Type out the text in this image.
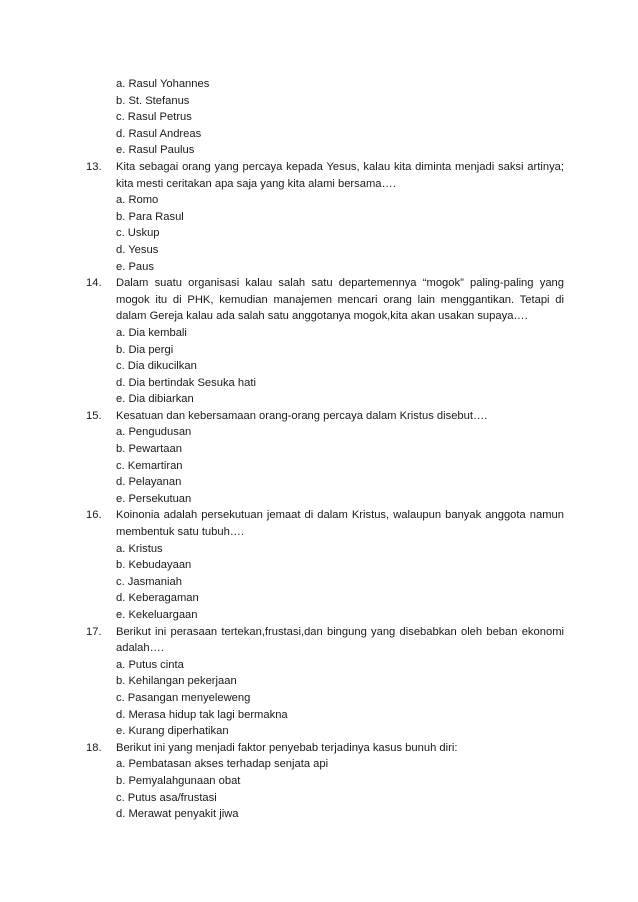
a. Rasul Yohannes
b. St. Stefanus
c. Rasul Petrus
d. Rasul Andreas
e. Rasul Paulus
13. Kita sebagai orang yang percaya kepada Yesus, kalau kita diminta menjadi saksi artinya; kita mesti ceritakan apa saja yang kita alami bersama….
a. Romo
b. Para Rasul
c. Uskup
d. Yesus
e. Paus
14. Dalam suatu organisasi kalau salah satu departemennya “mogok” paling-paling yang mogok itu di PHK, kemudian manajemen mencari orang lain menggantikan. Tetapi di dalam Gereja kalau ada salah satu anggotanya mogok,kita akan usakan supaya….
a. Dia kembali
b. Dia pergi
c. Dia dikucilkan
d. Dia bertindak Sesuka hati
e. Dia dibiarkan
15. Kesatuan dan kebersamaan orang-orang percaya dalam Kristus disebut….
a. Pengudusan
b. Pewartaan
c. Kemartiran
d. Pelayanan
e. Persekutuan
16. Koinonia adalah persekutuan jemaat di dalam Kristus, walaupun banyak anggota namun membentuk satu tubuh….
a. Kristus
b. Kebudayaan
c. Jasmaniah
d. Keberagaman
e. Kekeluargaan
17. Berikut ini perasaan tertekan,frustasi,dan bingung yang disebabkan oleh beban ekonomi adalah….
a. Putus cinta
b. Kehilangan pekerjaan
c. Pasangan menyeleweng
d. Merasa hidup tak lagi bermakna
e. Kurang diperhatikan
18. Berikut ini yang menjadi faktor penyebab terjadinya kasus bunuh diri:
a. Pembatasan akses terhadap senjata api
b. Pemyalahgunaan obat
c. Putus asa/frustasi
d. Merawat penyakit jiwa
